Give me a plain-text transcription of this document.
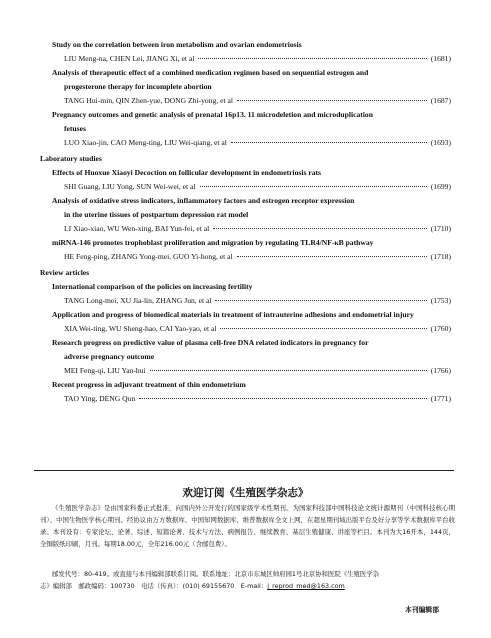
Study on the correlation between iron metabolism and ovarian endometriosis
LIU Meng-na, CHEN Lei, JIANG Xi, et al	(1681)
Analysis of therapeutic effect of a combined medication regimen based on sequential estrogen and
progesterone therapy for incomplete abortion
TANG Hui-min, QIN Zhen-yue, DONG Zhi-yong, et al	(1687)
Pregnancy outcomes and genetic analysis of prenatal 16p13. 11 microdeletion and microduplication
fetuses
LUO Xiao-jin, CAO Meng-ting, LIU Wei-qiang, et al	(1693)
Laboratory studies
Effects of Huoxue Xiaoyi Decoction on follicular development in endometriosis rats
SHI Guang, LIU Yong, SUN Wei-wei, et al	(1699)
Analysis of oxidative stress indicators, inflammatory factors and estrogen receptor expression
in the uterine tissues of postpartum depression rat model
LI Xiao-xiao, WU Wen-xing, BAI Yun-fei, et al	(1710)
miRNA-146 promotes trophoblast proliferation and migration by regulating TLR4/NF-κB pathway
HE Feng-ping, ZHANG Yong-mei, GUO Yi-hong, et al	(1718)
Review articles
International comparison of the policies on increasing fertility
TANG Long-mei, XU Jia-lin, ZHANG Jun, et al	(1753)
Application and progress of biomedical materials in treatment of intrauterine adhesions and endometrial injury
XIA Wei-ting, WU Sheng-hao, CAI Yao-yao, et al	(1760)
Research progress on predictive value of plasma cell-free DNA related indicators in pregnancy for
adverse pregnancy outcome
MEI Feng-qi, LIU Yan-hui	(1766)
Recent progress in adjuvant treatment of thin endometrium
TAO Ying, DENG Qun	(1771)
欢迎订阅《生殖医学杂志》
《生殖医学杂志》是由国家科委正式批准，向国内外公开发行的国家级学术性期刊。为国家科技部中国科技论文统计源期刊（中国科技核心期刊）、中国生物医学核心期刊。经协议由万方数据库、中国知网数据库、维普数据库全文上网，在超星期刊域出版平台及好分享等学术数据库平台收录。本刊设有：专家论坛、论著、综述、短篇论著、技术与方法、病例报告、继续教育、基层生殖健康、讲座等栏目。本刊为大16开本，144页，全铜版纸印刷，月刊。每期18.00元，全年216.00元（含邮包费）。
邮发代号：80-419。或直接与本刊编辑部联系订阅。联系地址：北京市东城区帅府园1号北京协和医院《生殖医学杂
志》编辑部　邮政编码：100730　电话（传真）：(010) 69155670　E-mail：j_reprod_med@163.com
本刊编辑部
